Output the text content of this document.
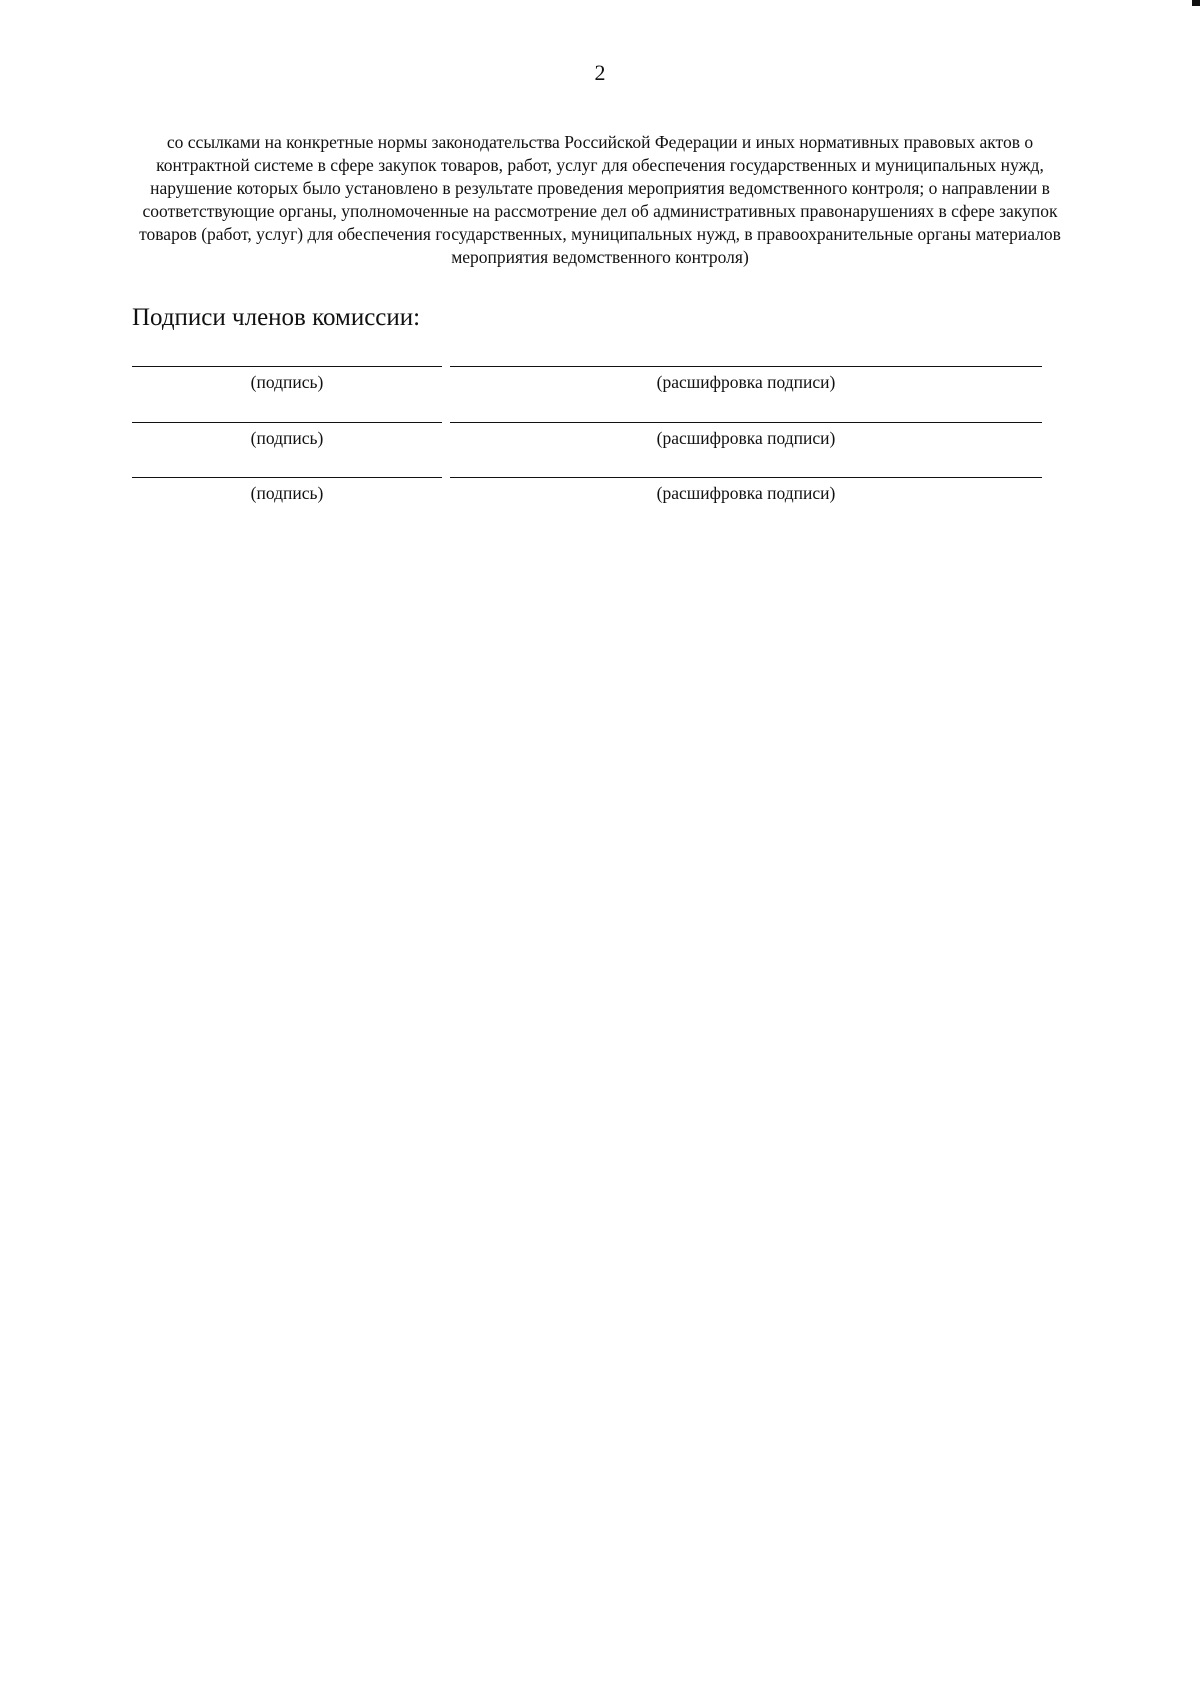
2
со ссылками на конкретные нормы законодательства Российской Федерации и иных нормативных правовых актов о
контрактной системе в сфере закупок товаров, работ, услуг для обеспечения государственных и муниципальных нужд,
нарушение которых было установлено в результате проведения мероприятия ведомственного контроля; о направлении в
соответствующие органы, уполномоченные на рассмотрение дел об административных правонарушениях в сфере закупок
товаров (работ, услуг) для обеспечения государственных, муниципальных нужд, в правоохранительные органы материалов
мероприятия ведомственного контроля)
Подписи членов комиссии:
(подпись)	(расшифровка подписи)
(подпись)	(расшифровка подписи)
(подпись)	(расшифровка подписи)
